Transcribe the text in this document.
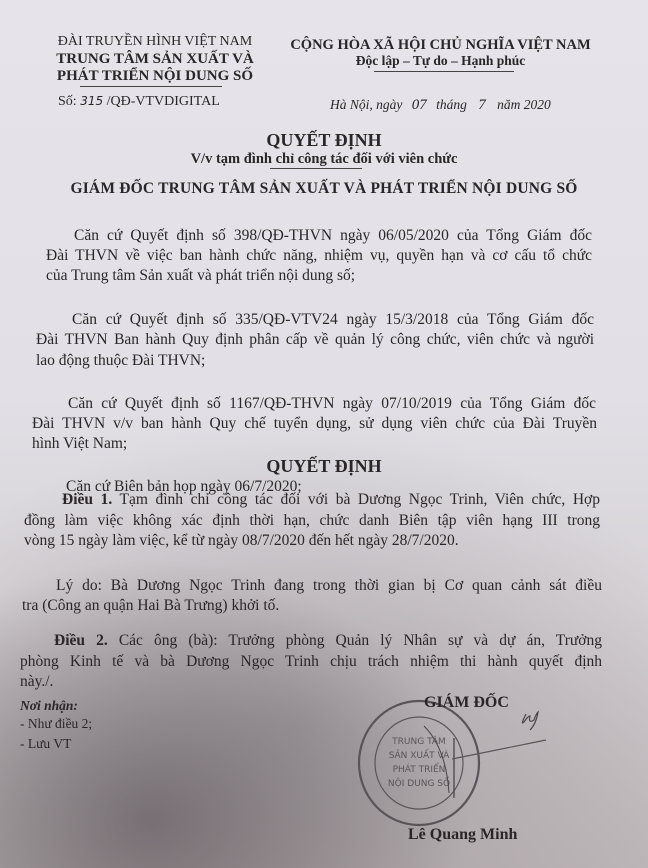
ĐÀI TRUYỀN HÌNH VIỆT NAM
TRUNG TÂM SẢN XUẤT VÀ
PHÁT TRIỂN NỘI DUNG SỐ
Số: 315 /QĐ-VTVDIGITAL
CỘNG HÒA XÃ HỘI CHỦ NGHĨA VIỆT NAM
Độc lập – Tự do – Hạnh phúc
Hà Nội, ngày 07 tháng 7 năm 2020
QUYẾT ĐỊNH
V/v tạm đình chỉ công tác đối với viên chức
GIÁM ĐỐC TRUNG TÂM SẢN XUẤT VÀ PHÁT TRIỂN NỘI DUNG SỐ
Căn cứ Quyết định số 398/QĐ-THVN ngày 06/05/2020 của Tổng Giám đốc
Đài THVN về việc ban hành chức năng, nhiệm vụ, quyền hạn và cơ cấu tổ chức
của Trung tâm Sản xuất và phát triển nội dung số;
Căn cứ Quyết định số 335/QĐ-VTV24 ngày 15/3/2018 của Tổng Giám đốc
Đài THVN Ban hành Quy định phân cấp về quản lý công chức, viên chức và người
lao động thuộc Đài THVN;
Căn cứ Quyết định số 1167/QĐ-THVN ngày 07/10/2019 của Tổng Giám đốc
Đài THVN v/v ban hành Quy chế tuyển dụng, sử dụng viên chức của Đài Truyền
hình Việt Nam;
Căn cứ Biên bản họp ngày 06/7/2020;
QUYẾT ĐỊNH
Điều 1. Tạm đình chỉ công tác đối với bà Dương Ngọc Trinh, Viên chức, Hợp
đồng làm việc không xác định thời hạn, chức danh Biên tập viên hạng III trong
vòng 15 ngày làm việc, kể từ ngày 08/7/2020 đến hết ngày 28/7/2020.
Lý do: Bà Dương Ngọc Trinh đang trong thời gian bị Cơ quan cảnh sát điều
tra (Công an quận Hai Bà Trưng) khởi tố.
Điều 2. Các ông (bà): Trưởng phòng Quản lý Nhân sự và dự án, Trưởng
phòng Kinh tế và bà Dương Ngọc Trinh chịu trách nhiệm thi hành quyết định
này./.
Nơi nhận:
- Như điều 2;
- Lưu VT	TRUNG TÂM
SẢN XUẤT VÀ
PHÁT TRIỂN
NỘI DUNG SỐ
GIÁM ĐỐC
Lê Quang Minh
